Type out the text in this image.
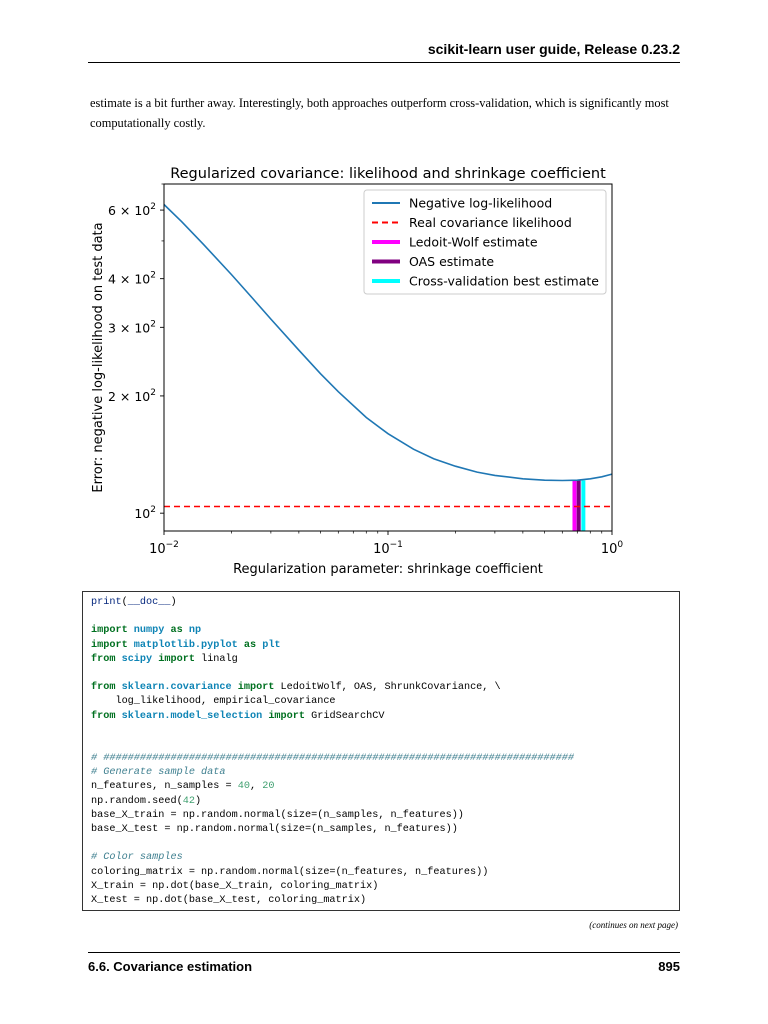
scikit-learn user guide, Release 0.23.2
estimate is a bit further away. Interestingly, both approaches outperform cross-validation, which is significantly most
computationally costly.
Regularized covariance: likelihood and shrinkage coefficient
$10^{-2}$	$10^{-1}$	$10^0$
$10^2$
$2 \times 10^2$
$3 \times 10^2$
$4 \times 10^2$
$6 \times 10^2$
Regularization parameter: shrinkage coefficient
Error: negative log-likelihood on test data
Negative log-likelihood
Real covariance likelihood
Ledoit-Wolf estimate
OAS estimate
Cross-validation best estimate
print(__doc__)

import numpy as np
import matplotlib.pyplot as plt
from scipy import linalg

from sklearn.covariance import LedoitWolf, OAS, ShrunkCovariance, \
log_likelihood, empirical_covariance
from sklearn.model_selection import GridSearchCV

# #############################################################################
# Generate sample data
n_features, n_samples = 40, 20
np.random.seed(42)
base_X_train = np.random.normal(size=(n_samples, n_features))
base_X_test = np.random.normal(size=(n_samples, n_features))

# Color samples
coloring_matrix = np.random.normal(size=(n_features, n_features))
X_train = np.dot(base_X_train, coloring_matrix)
X_test = np.dot(base_X_test, coloring_matrix)
(continues on next page)
6.6. Covariance estimation	895
